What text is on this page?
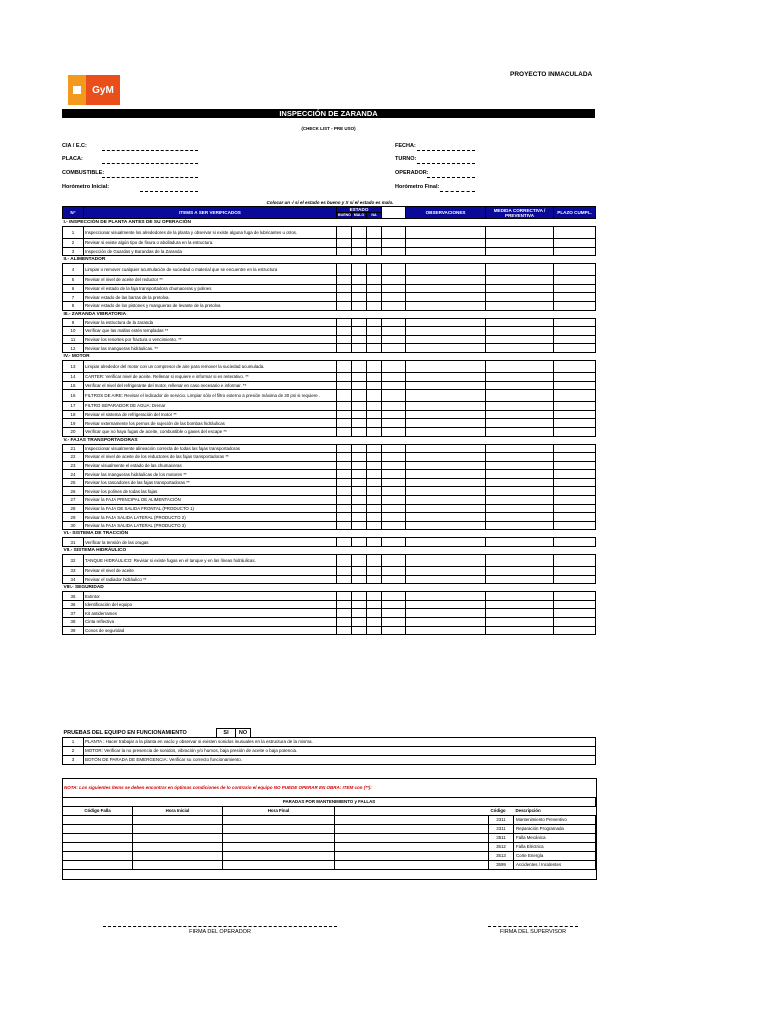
GyM
PROYECTO INMACULADA
INSPECCIÓN DE ZARANDA
(CHECK LIST - PRE USO)
CIA / E.C:
PLACA:
COMBUSTIBLE:
Horómetro Inicial:
FECHA:
TURNO:
OPERADOR:
Horómetro Final:
Colocar un √ si el estado es bueno y X si el estado es malo.
N°	ITEMS A SER VERIFICADOS	ESTADO				OBSERVACIONES	MEDIDA CORRECTIVA / PREVENTIVA	PLAZO CUMPL.
		BUENO	MALO	NA				
I.- INSPECCIÓN DE PLANTA ANTES DE SU OPERACIÓN								
1	Inspeccionar visualmente los alrededores de la planta y observar si existe alguna fuga de lubricantes u otros.							
2	Revisar si existe algún tipo de fisura o abolladura en la estructura.							
3	Inspección de Guardas y Barandas de la Zaranda							
II.- ALIMENTADOR								
4	Limpiar o remover cualquier acumulación de suciedad o material que se encuentre en la estructura							
5	Revisar el nivel de aceite del reductor **							
6	Revisar el estado de la faja transportadora chumaceras y polines							
7	Revisar estado de las barras de la pretolva.							
8	Revisar estado de los pistones y mangueras de levante de la pretolva							
III.- ZARANDA VIBRATORIA								
9	Revisar la estructura de la zaranda							
10	Verificar que las mallas estén templadas **							
11	Revisar los resortes por fractura o vencimiento. **							
12	Revisar las mangueras hidráulicas. **							
IV.- MOTOR								
13	Limpiar alrededor del motor con un compresor de aire para remover la suciedad acumulada.							
14	CARTER: Verificar nivel de aceite. Rellenar si requiere e informar si es reiterativo. **							
15	Verificar el nivel del refrigerante del motor, rellenar en caso necesario e informar. **							
16	FILTROS DE AIRE: Revisar el indicador de servicio. Limpiar sólo el filtro externo a presión máxima de 30 psi si requiere .							
17	FILTRO SEPARADOR DE AGUA: Drenar							
18	Revisar el sistema de refrigeración del motor **							
19	Revisar externamente los pernos de sujeción de las bombas hidráulicas							
20	Verificar que no haya fugas de aceite, combustible o gases del escape **							
V.- FAJAS TRANSPORTADORAS								
21	Inspeccionar visualmente alineación correcta de todas las fajas transportadoras							
22	Revisar el nivel de aceite de los reductores de las fajas transportadoras **							
23	Revisar visualmente el estado de las chumaceras							
24	Revisar las mangueras hidráulicas de los motores **							
25	Revisar los rascadores de las fajas transportadoras **							
26	Revisar los polines de todas las fajas							
27	Revisar la FAJA PRINCIPAL DE ALIMENTACIÓN							
28	Revisar la FAJA DE SALIDA FRONTAL (PRODUCTO 1)							
29	Revisar la FAJA SALIDA LATERAL (PRODUCTO 2)							
30	Revisar la FAJA SALIDA LATERAL (PRODUCTO 3)							
VI.- SISTEMA DE TRACCIÓN								
31	Verificar la tensión de las orugas							
VII.- SISTEMA HIDRÁULICO								
32	TANQUE HIDRÁULICO: Revisar si existe fugas en el tanque y en las líneas hidráulicas.							
33	Revisar el nivel de aceite							
34	Revisar el radiador hidráulico **							
VIII.- SEGURIDAD								
35	Extintor							
36	Identificación del equipo							
37	Kit antiderrames							
38	Cinta reflectiva							
39	Conos de seguridad							
PRUEBAS DEL EQUIPO EN FUNCIONAMIENTO			SI	NO	
1	PLANTA : Hacer trabajar a la planta en vacío y observar si existen sonidos inusuales en la estructura de la misma.				
2	MOTOR: Verificar la no presencia de sonidos, vibración y/o humos, baja presión de aceite o baja potencia.				
3	BOTÓN DE PARADA DE EMERGENCIA: Verificar su correcto funcionamiento.				
NOTA: Los siguientes ítems se deben encontrar en óptimas condiciones de lo contrario el equipo NO PUEDE OPERAR EN OBRA: ITEM con (**):
PARADAS POR MANTENIMIENTO y FALLAS					
Código Falla	Hora Inicial	Hora Final		Código	Descripción
				3311	Mantenimiento Preventivo
				3311	Reparación Programada
				3511	Falla Mecánica
				3512	Falla Eléctrica
				3513	Corte Energía
				3599	Accidentes / Incidentes
FIRMA DEL OPERADOR	FIRMA DEL SUPERVISOR
